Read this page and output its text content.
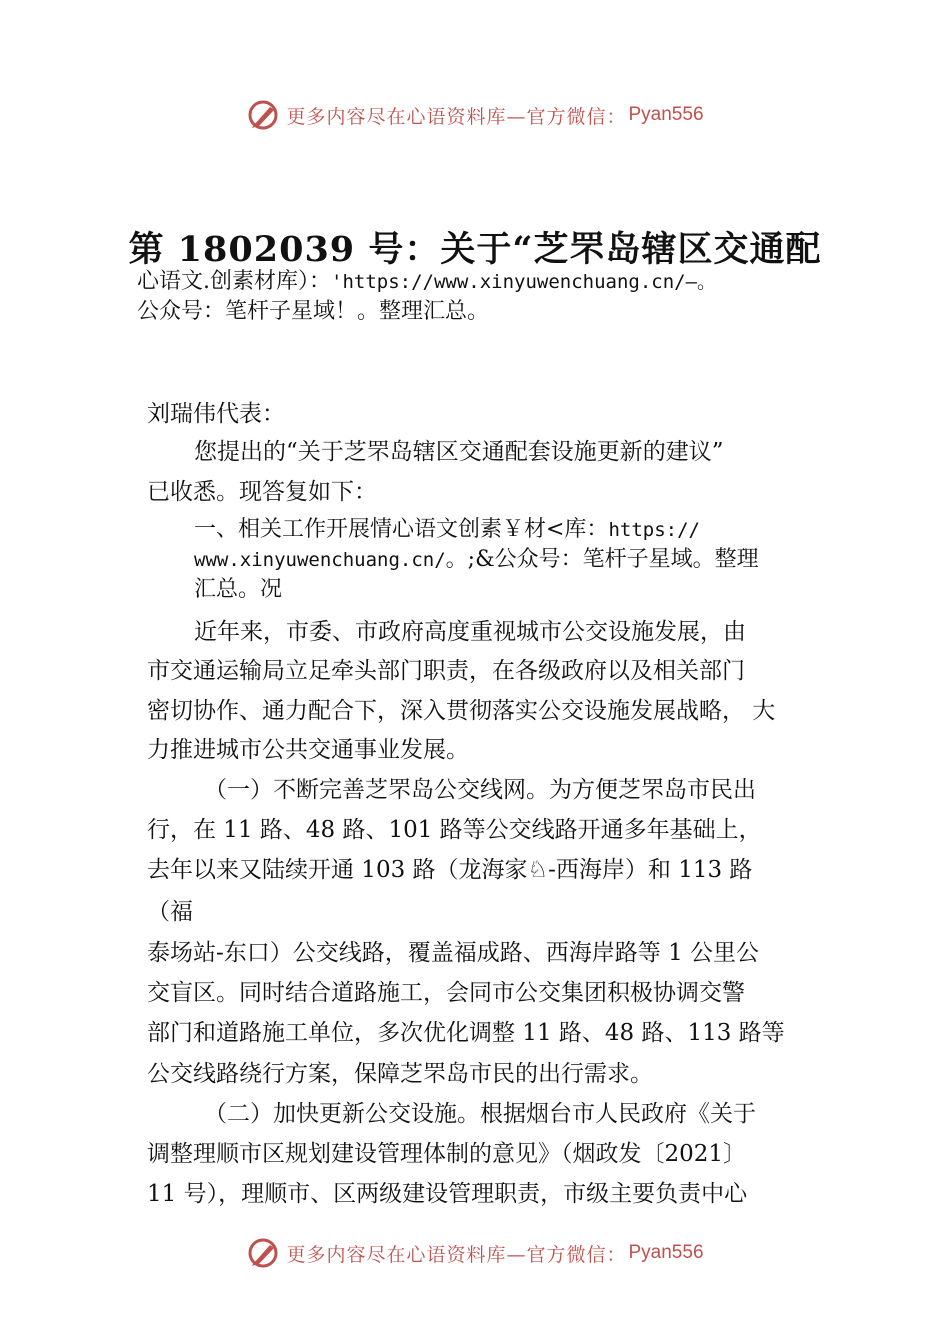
更多内容尽在心语资料库—官方微信： Pyan556
第 1802039 号：关于“芝罘岛辖区交通配
心语文.创素材库）：'https://www.xinyuwenchuang.cn/—。
公众号：笔杆子星域！。整理汇总。
刘瑞伟代表：
您提出的“关于芝罘岛辖区交通配套设施更新的建议”
已收悉。现答复如下：
一、相关工作开展情心语文创素￥材<库：https://
www.xinyuwenchuang.cn/。;&公众号：笔杆子星域。整理
汇总。况
近年来，市委、市政府高度重视城市公交设施发展，由
市交通运输局立足牵头部门职责，在各级政府以及相关部门
密切协作、通力配合下，深入贯彻落实公交设施发展战略， 大
力推进城市公共交通事业发展。
（一）不断完善芝罘岛公交线网。为方便芝罘岛市民出
行，在 11 路、48 路、101 路等公交线路开通多年基础上，
去年以来又陆续开通 103 路（龙海家♘-西海岸）和 113 路
（福
泰场站-东口）公交线路，覆盖福成路、西海岸路等 1 公里公
交盲区。同时结合道路施工，会同市公交集团积极协调交警
部门和道路施工单位，多次优化调整 11 路、48 路、113 路等
公交线路绕行方案，保障芝罘岛市民的出行需求。
（二）加快更新公交设施。根据烟台市人民政府《关于
调整理顺市区规划建设管理体制的意见》（烟政发〔2021〕
11 号），理顺市、区两级建设管理职责，市级主要负责中心
更多内容尽在心语资料库—官方微信： Pyan556
